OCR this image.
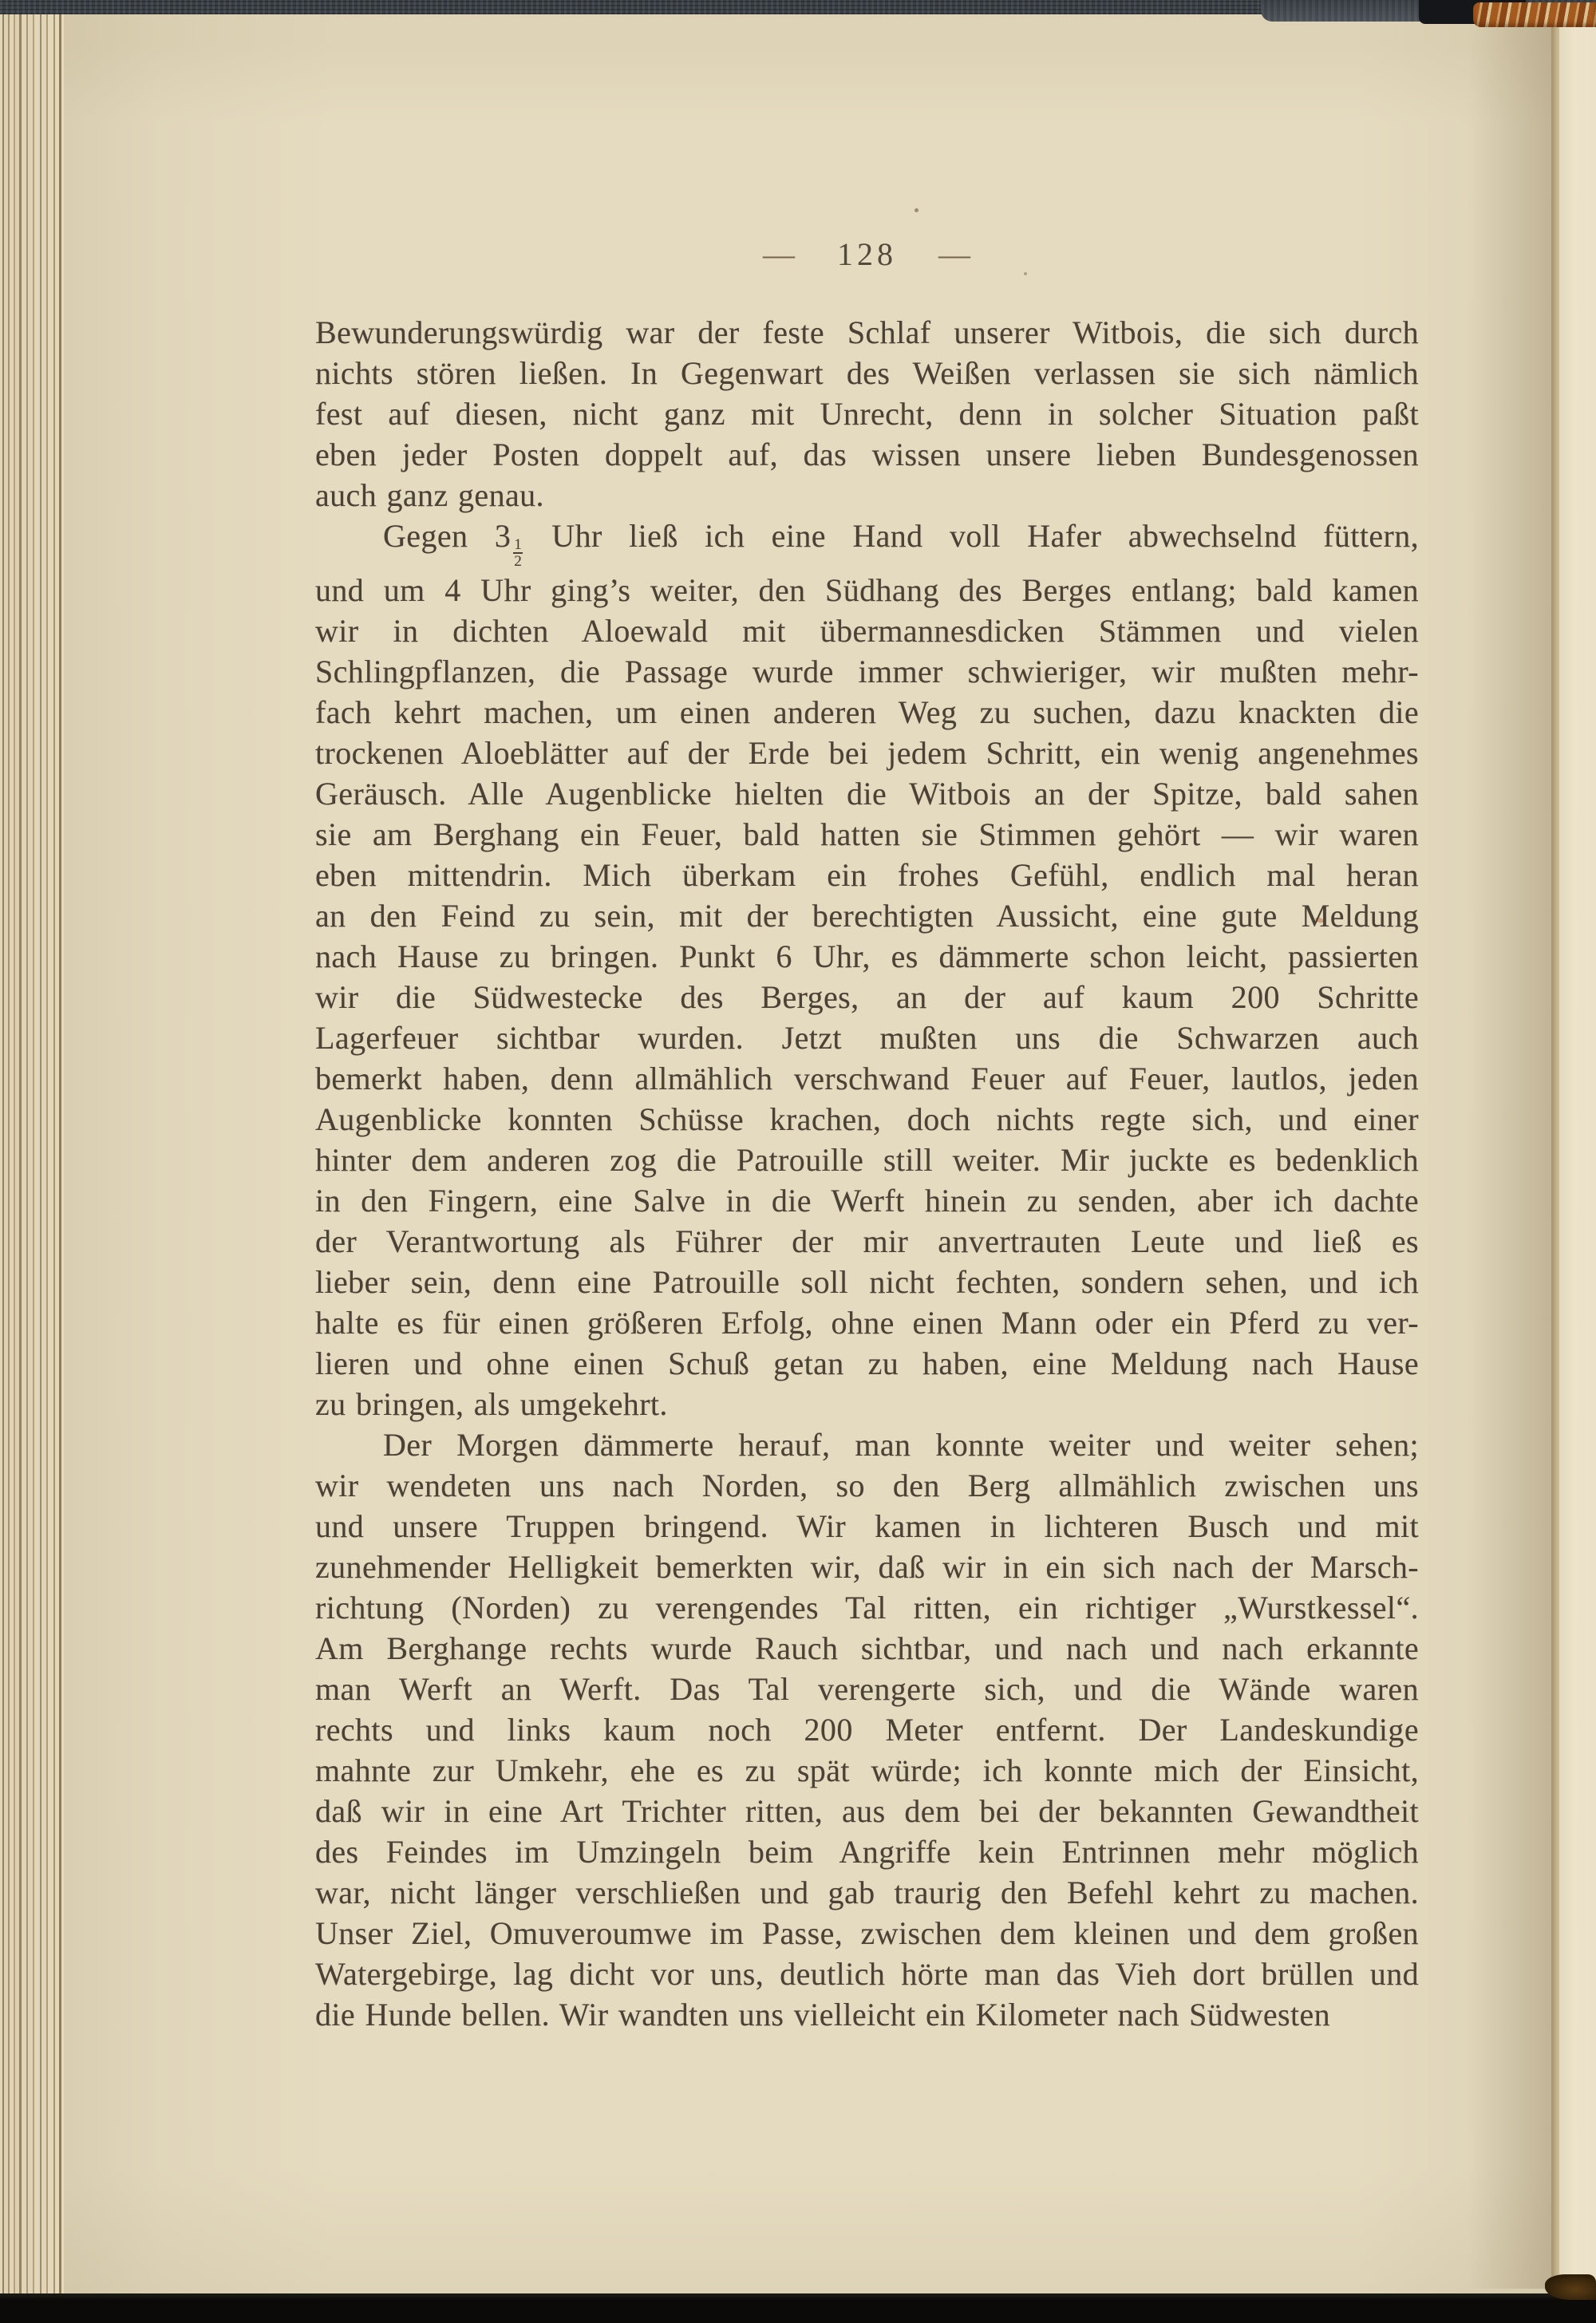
— 128 —
Bewunderungswürdig war der feste Schlaf unserer Witbois, die sich durch
nichts stören ließen. In Gegenwart des Weißen verlassen sie sich nämlich
fest auf diesen, nicht ganz mit Unrecht, denn in solcher Situation paßt
eben jeder Posten doppelt auf, das wissen unsere lieben Bundesgenossen
auch ganz genau.
Gegen $3 \frac{1}{2}$ Uhr ließ ich eine Hand voll Hafer abwechselnd füttern,
und um 4 Uhr ging’s weiter, den Südhang des Berges entlang; bald kamen
wir in dichten Aloewald mit übermannesdicken Stämmen und vielen
Schlingpflanzen, die Passage wurde immer schwieriger, wir mußten mehr-
fach kehrt machen, um einen anderen Weg zu suchen, dazu knackten die
trockenen Aloeblätter auf der Erde bei jedem Schritt, ein wenig angenehmes
Geräusch. Alle Augenblicke hielten die Witbois an der Spitze, bald sahen
sie am Berghang ein Feuer, bald hatten sie Stimmen gehört — wir waren
eben mittendrin. Mich überkam ein frohes Gefühl, endlich mal heran
an den Feind zu sein, mit der berechtigten Aussicht, eine gute Meldung
nach Hause zu bringen. Punkt 6 Uhr, es dämmerte schon leicht, passierten
wir die Südwestecke des Berges, an der auf kaum 200 Schritte
Lagerfeuer sichtbar wurden. Jetzt mußten uns die Schwarzen auch
bemerkt haben, denn allmählich verschwand Feuer auf Feuer, lautlos, jeden
Augenblicke konnten Schüsse krachen, doch nichts regte sich, und einer
hinter dem anderen zog die Patrouille still weiter. Mir juckte es bedenklich
in den Fingern, eine Salve in die Werft hinein zu senden, aber ich dachte
der Verantwortung als Führer der mir anvertrauten Leute und ließ es
lieber sein, denn eine Patrouille soll nicht fechten, sondern sehen, und ich
halte es für einen größeren Erfolg, ohne einen Mann oder ein Pferd zu ver-
lieren und ohne einen Schuß getan zu haben, eine Meldung nach Hause
zu bringen, als umgekehrt.
Der Morgen dämmerte herauf, man konnte weiter und weiter sehen;
wir wendeten uns nach Norden, so den Berg allmählich zwischen uns
und unsere Truppen bringend. Wir kamen in lichteren Busch und mit
zunehmender Helligkeit bemerkten wir, daß wir in ein sich nach der Marsch-
richtung (Norden) zu verengendes Tal ritten, ein richtiger „Wurstkessel“.
Am Berghange rechts wurde Rauch sichtbar, und nach und nach erkannte
man Werft an Werft. Das Tal verengerte sich, und die Wände waren
rechts und links kaum noch 200 Meter entfernt. Der Landeskundige
mahnte zur Umkehr, ehe es zu spät würde; ich konnte mich der Einsicht,
daß wir in eine Art Trichter ritten, aus dem bei der bekannten Gewandtheit
des Feindes im Umzingeln beim Angriffe kein Entrinnen mehr möglich
war, nicht länger verschließen und gab traurig den Befehl kehrt zu machen.
Unser Ziel, Omuveroumwe im Passe, zwischen dem kleinen und dem großen
Watergebirge, lag dicht vor uns, deutlich hörte man das Vieh dort brüllen und
die Hunde bellen. Wir wandten uns vielleicht ein Kilometer nach Südwesten
